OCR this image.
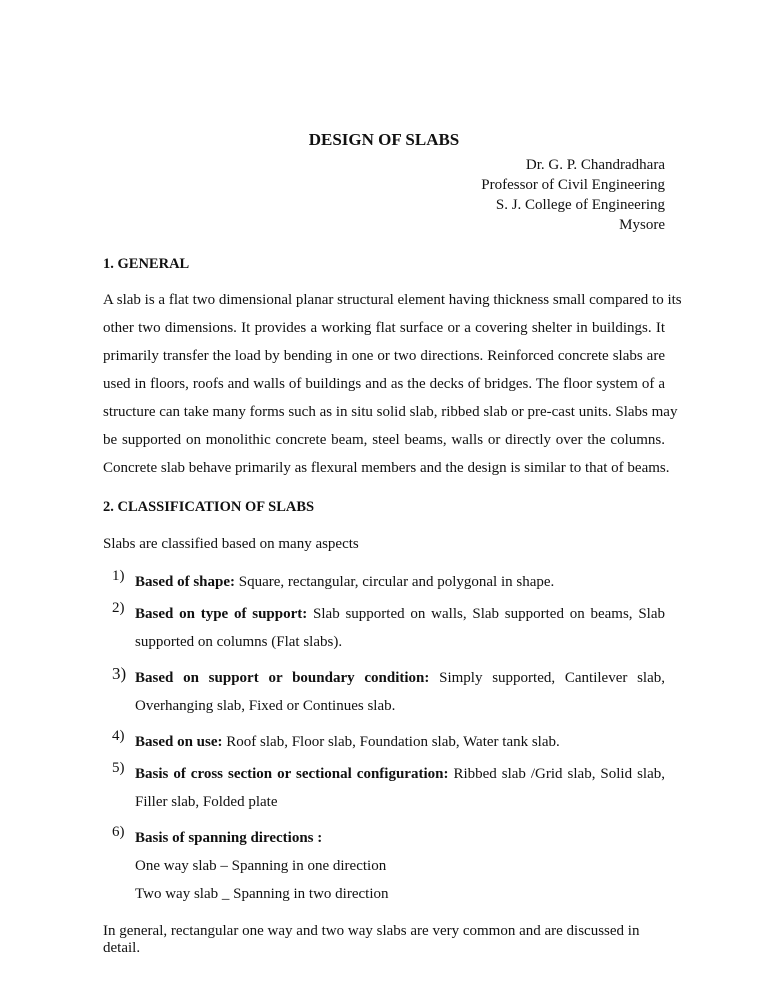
DESIGN OF SLABS
Dr. G. P. Chandradhara
Professor of Civil Engineering
S. J. College of Engineering
Mysore
1. GENERAL
A slab is a flat two dimensional planar structural element having thickness small compared to its
other two dimensions. It provides a working flat surface or a covering shelter in buildings. It
primarily transfer the load by bending in one or two directions. Reinforced concrete slabs are
used in floors, roofs and walls of buildings and as the decks of bridges. The floor system of a
structure can take many forms such as in situ solid slab, ribbed slab or pre-cast units. Slabs may
be supported on monolithic concrete beam, steel beams, walls or directly over the columns.
Concrete slab behave primarily as flexural members and the design is similar to that of beams.
2. CLASSIFICATION OF SLABS
Slabs are classified based on many aspects
1) Based of shape: Square, rectangular, circular and polygonal in shape.
2) Based on type of support: Slab supported on walls, Slab supported on beams, Slab
supported on columns (Flat slabs).
3) Based on support or boundary condition: Simply supported, Cantilever slab,
Overhanging slab, Fixed or Continues slab.
4) Based on use: Roof slab, Floor slab, Foundation slab, Water tank slab.
5) Basis of cross section or sectional configuration: Ribbed slab /Grid slab, Solid slab,
Filler slab, Folded plate
6) Basis of spanning directions :
One way slab – Spanning in one direction
Two way slab _ Spanning in two direction
In general, rectangular one way and two way slabs are very common and are discussed in detail.
